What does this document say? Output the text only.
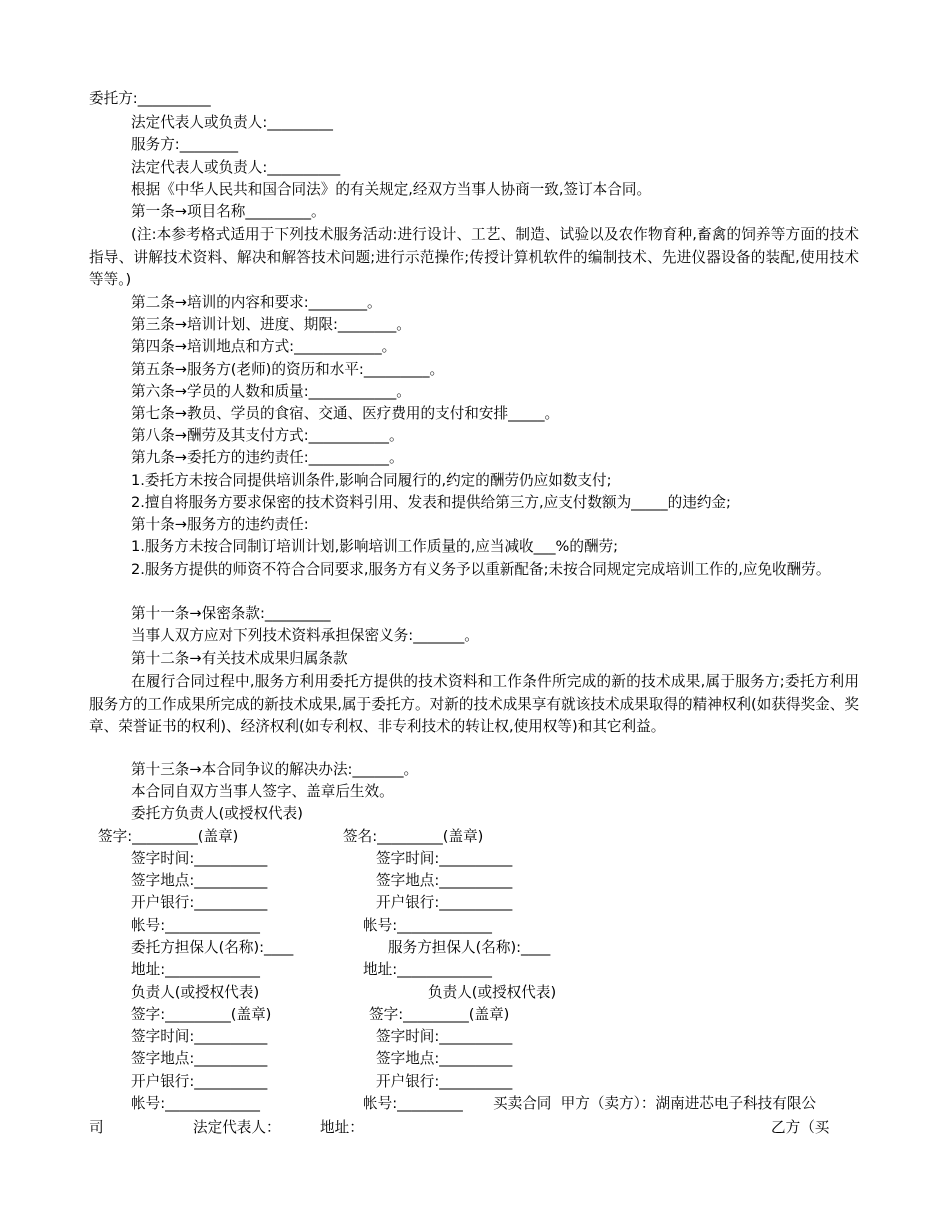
委托方:__________
法定代表人或负责人:_________
服务方:________
法定代表人或负责人:__________
根据《中华人民共和国合同法》的有关规定,经双方当事人协商一致,签订本合同。
第一条→项目名称_________。
(注:本参考格式适用于下列技术服务活动:进行设计、工艺、制造、试验以及农作物育种,畜禽的饲养等方面的技术指导、讲解技术资料、解决和解答技术问题;进行示范操作;传授计算机软件的编制技术、先进仪器设备的装配,使用技术等等。)
第二条→培训的内容和要求:________。
第三条→培训计划、进度、期限:________。
第四条→培训地点和方式:____________。
第五条→服务方(老师)的资历和水平:_________。
第六条→学员的人数和质量:____________。
第七条→教员、学员的食宿、交通、医疗费用的支付和安排_____。
第八条→酬劳及其支付方式:___________。
第九条→委托方的违约责任:___________。
1.委托方未按合同提供培训条件,影响合同履行的,约定的酬劳仍应如数支付;
2.擅自将服务方要求保密的技术资料引用、发表和提供给第三方,应支付数额为_____的违约金;
第十条→服务方的违约责任:
1.服务方未按合同制订培训计划,影响培训工作质量的,应当减收___%的酬劳;
2.服务方提供的师资不符合合同要求,服务方有义务予以重新配备;未按合同规定完成培训工作的,应免收酬劳。
第十一条→保密条款:_________
当事人双方应对下列技术资料承担保密义务:_______。
第十二条→有关技术成果归属条款
在履行合同过程中,服务方利用委托方提供的技术资料和工作条件所完成的新的技术成果,属于服务方;委托方利用服务方的工作成果所完成的新技术成果,属于委托方。对新的技术成果享有就该技术成果取得的精神权利(如获得奖金、奖章、荣誉证书的权利)、经济权利(如专利权、非专利技术的转让权,使用权等)和其它利益。
第十三条→本合同争议的解决办法:_______。
本合同自双方当事人签字、盖章后生效。
委托方负责人(或授权代表)
签字:_________(盖章)	签名:_________(盖章)
签字时间:__________	签字时间:__________
签字地点:__________	签字地点:__________
开户银行:__________	开户银行:__________
帐号:_____________	帐号:_____________
委托方担保人(名称):____	服务方担保人(名称):____
地址:_____________	地址:_____________
负责人(或授权代表)	负责人(或授权代表)
签字:_________(盖章)	签字:_________(盖章)
签字时间:__________	签字时间:__________
签字地点:__________	签字地点:__________
开户银行:__________	开户银行:__________
帐号:_____________	帐号:_________ 买卖合同  甲方（卖方）：湖南进芯电子科技有限公
司	法定代表人：	地址：	乙方（买
